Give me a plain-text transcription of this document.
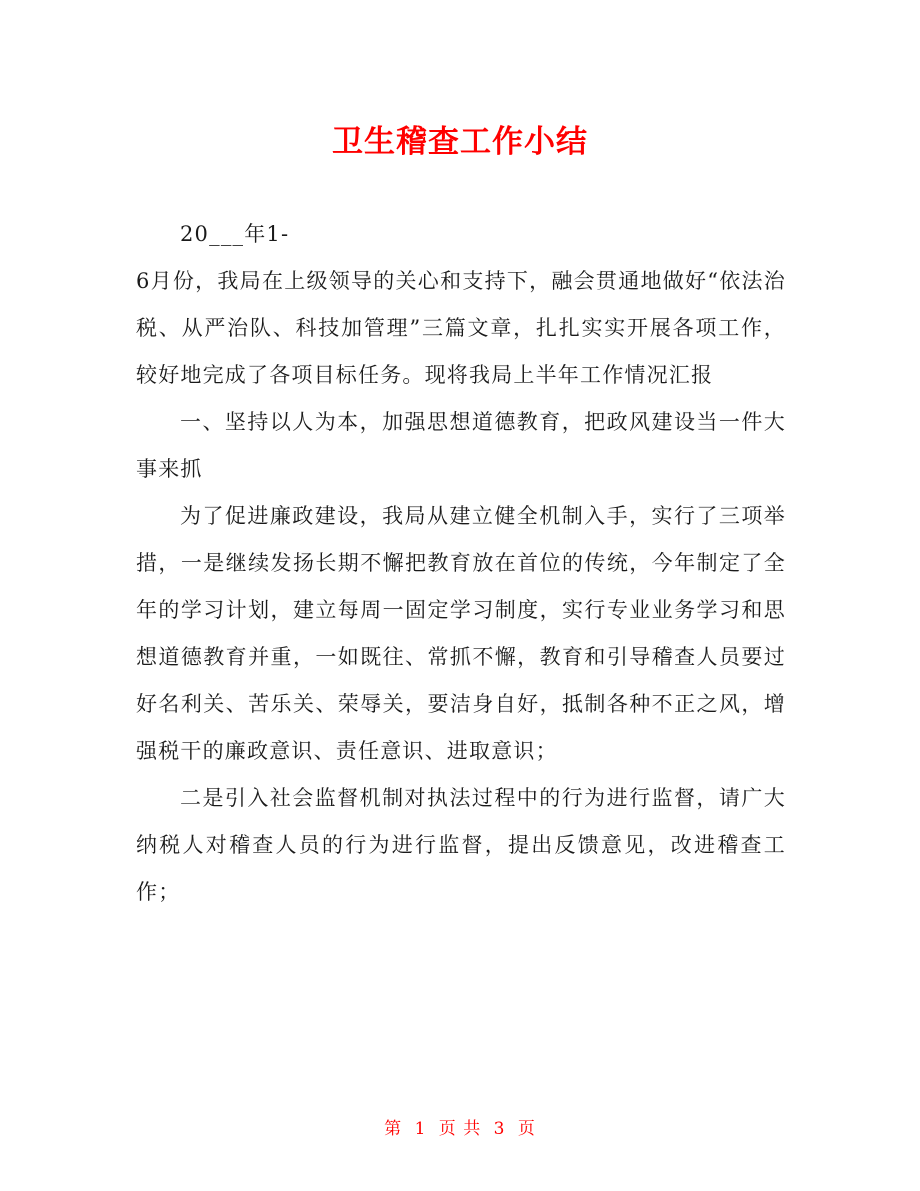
卫生稽查工作小结

20___年1-

6月份，我局在上级领导的关心和支持下，融会贯通地做好“依法治税、从严治队、科技加管理”三篇文章，扎扎实实开展各项工作，较好地完成了各项目标任务。现将我局上半年工作情况汇报

一、坚持以人为本，加强思想道德教育，把政风建设当一件大事来抓

为了促进廉政建设，我局从建立健全机制入手，实行了三项举措，一是继续发扬长期不懈把教育放在首位的传统，今年制定了全年的学习计划，建立每周一固定学习制度，实行专业业务学习和思想道德教育并重，一如既往、常抓不懈，教育和引导稽查人员要过好名利关、苦乐关、荣辱关，要洁身自好，抵制各种不正之风，增强税干的廉政意识、责任意识、进取意识；

二是引入社会监督机制对执法过程中的行为进行监督，请广大纳税人对稽查人员的行为进行监督，提出反馈意见，改进稽查工作；

第 1 页 共 3 页
